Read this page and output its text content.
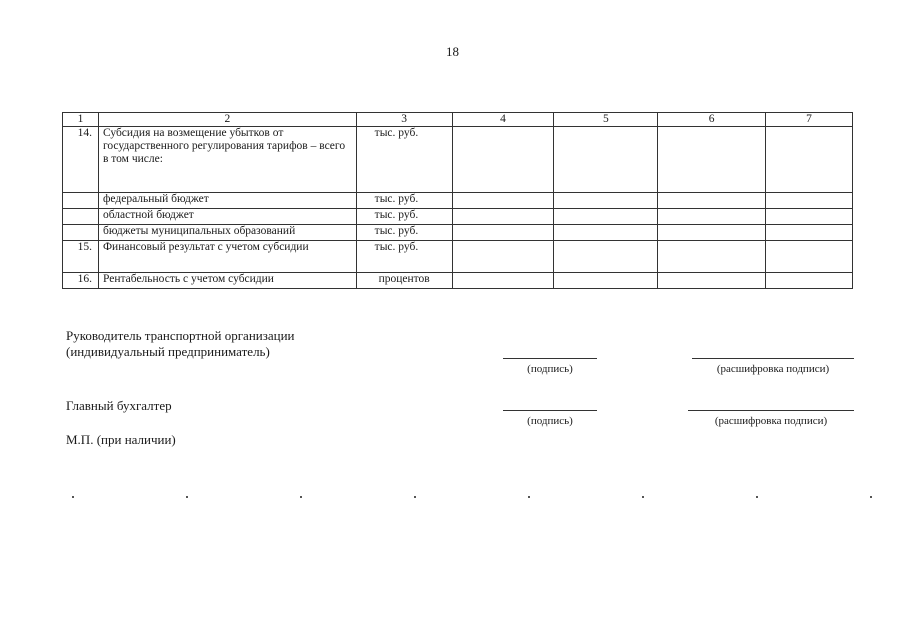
18
1	2	3	4	5	6	7
14.	Субсидия на возмещение убытков от государственного регулирования тарифов – всего в том числе:	тыс. руб.				
	федеральный бюджет	тыс. руб.				
	областной бюджет	тыс. руб.				
	бюджеты муниципальных образований	тыс. руб.				
15.	Финансовый результат с учетом субсидии	тыс. руб.				
16.	Рентабельность с учетом субсидии	процентов				
Руководитель транспортной организации
(индивидуальный предприниматель)
(подпись)	(расшифровка подписи)
Главный бухгалтер
(подпись)	(расшифровка подписи)
М.П. (при наличии)
